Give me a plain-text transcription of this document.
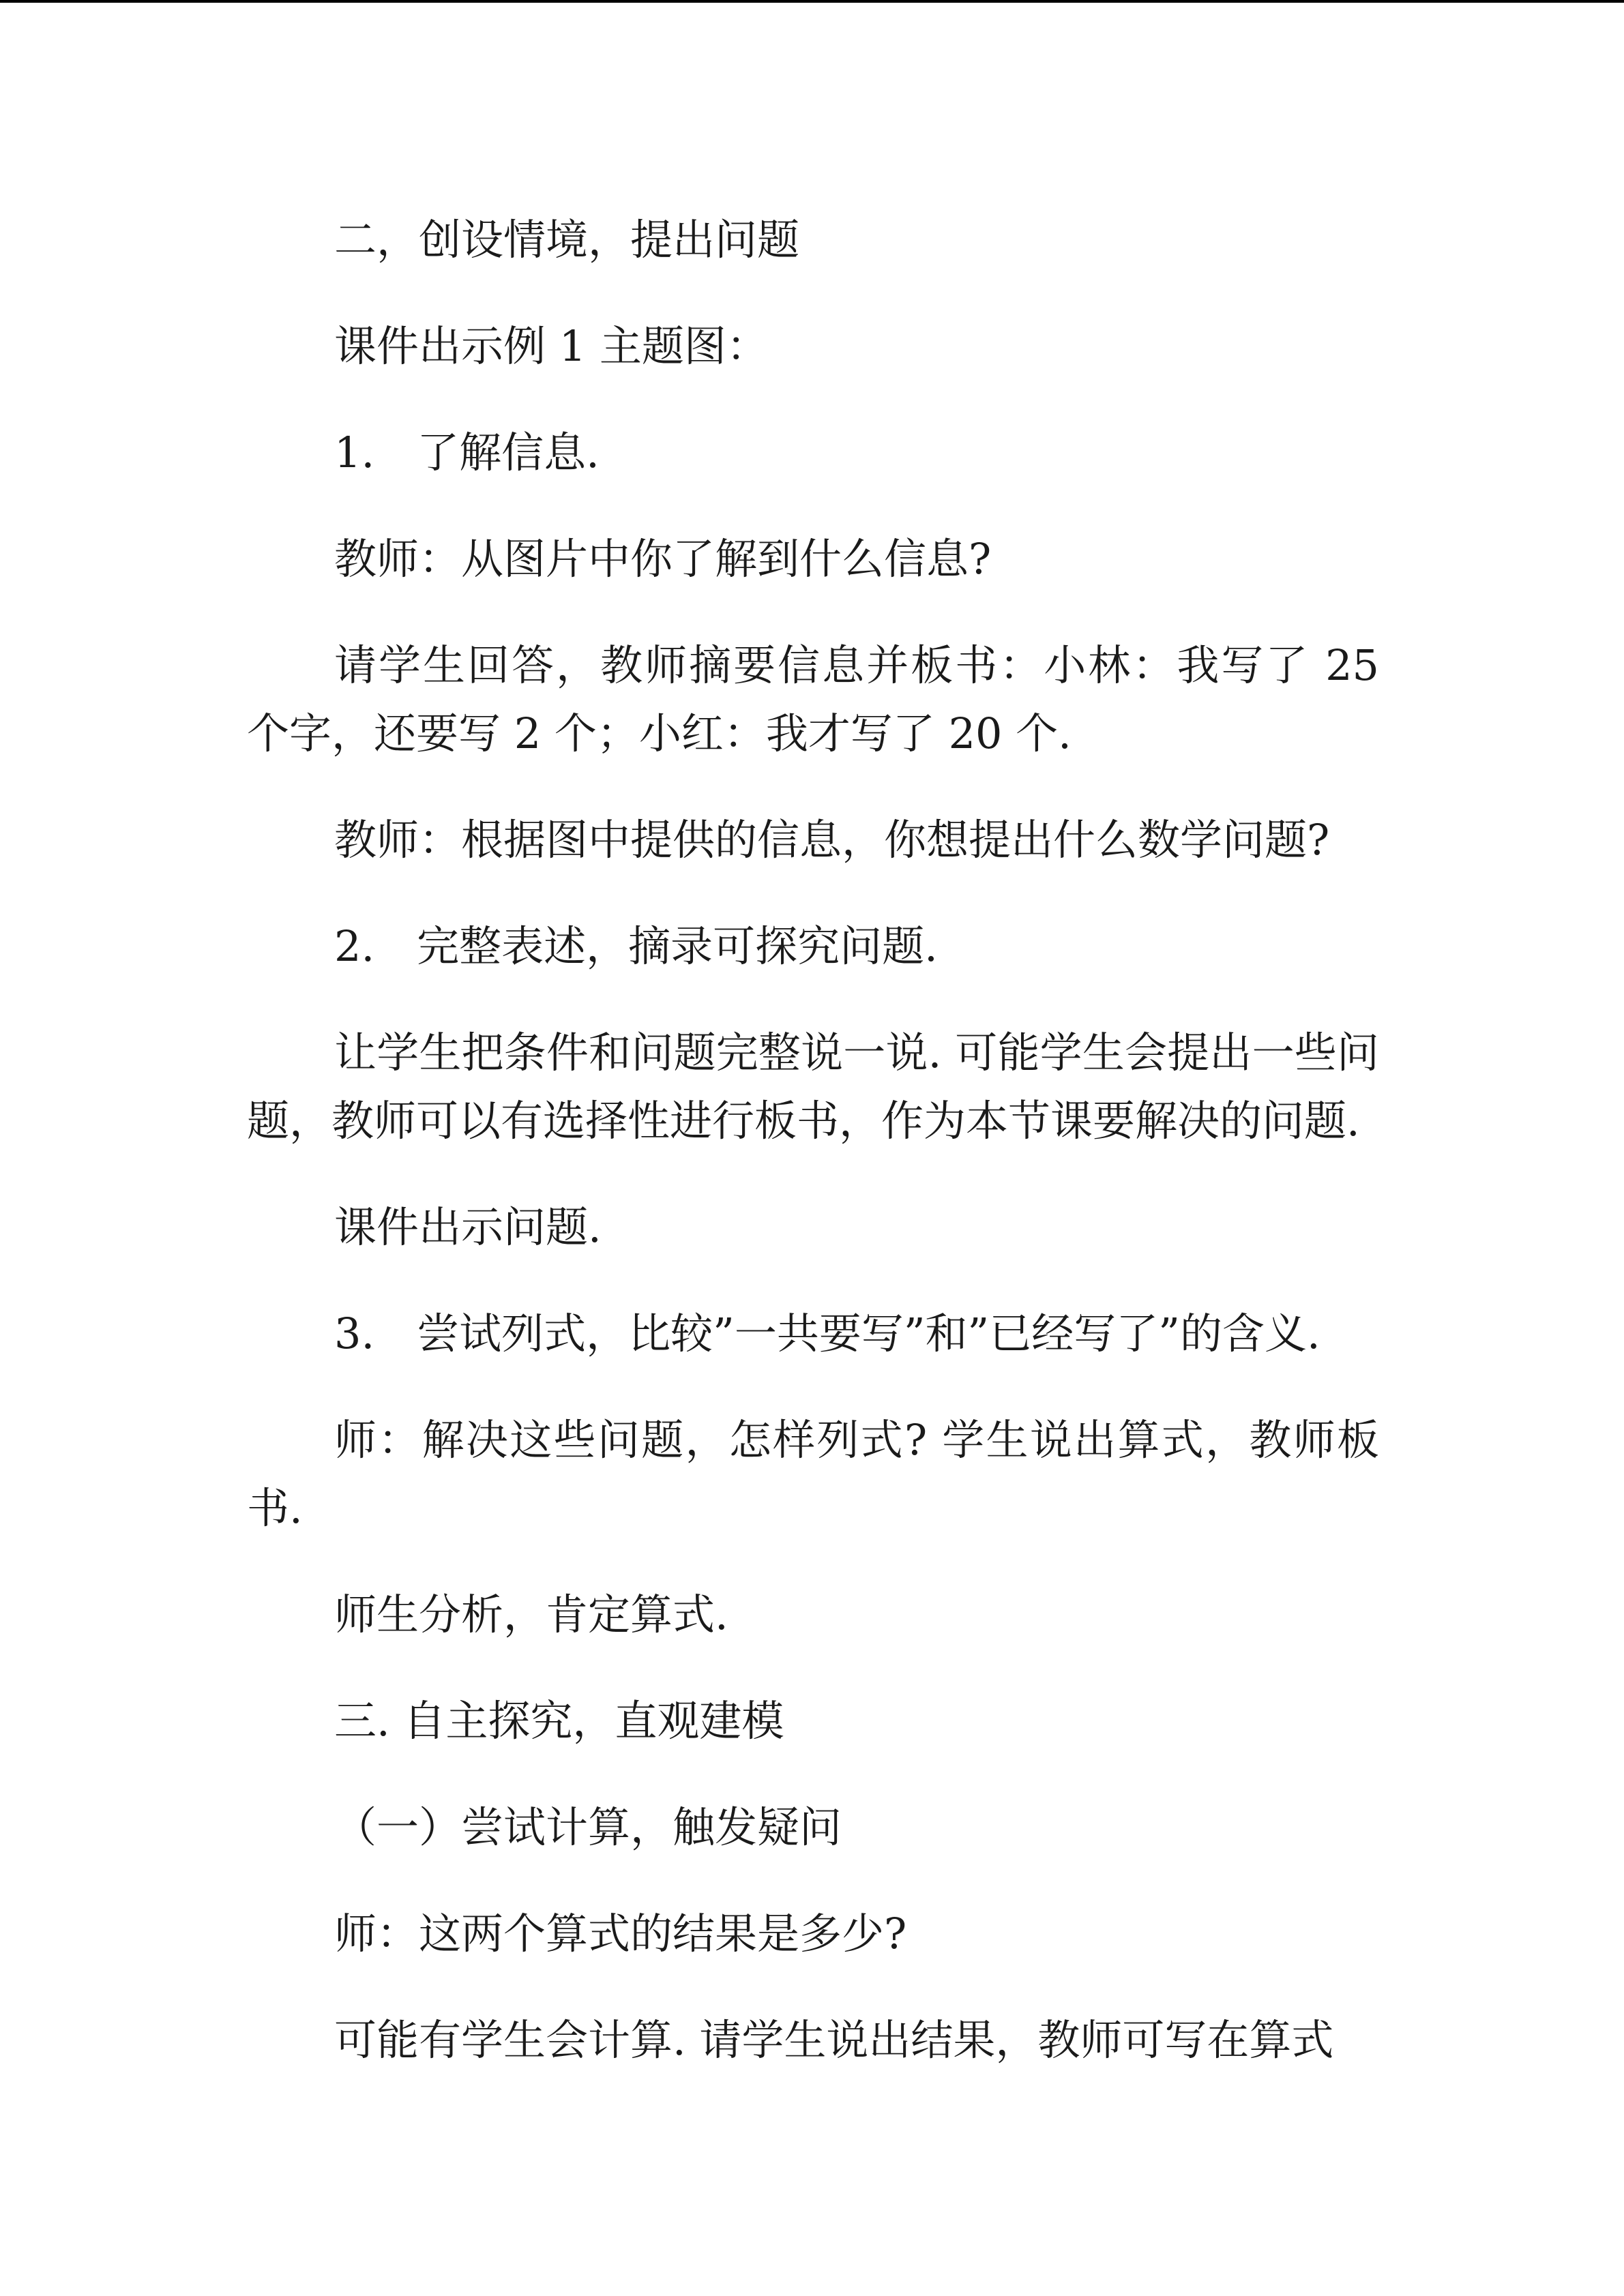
二，创设情境，提出问题

课件出示例 1 主题图：

1.　了解信息.

教师：从图片中你了解到什么信息?

请学生回答，教师摘要信息并板书：小林：我写了 25 个字，还要写 2 个；小红：我才写了 20 个.

教师：根据图中提供的信息，你想提出什么数学问题?

2.　完整表述，摘录可探究问题.

让学生把条件和问题完整说一说. 可能学生会提出一些问题，教师可以有选择性进行板书，作为本节课要解决的问题.

课件出示问题.

3.　尝试列式，比较”一共要写”和”已经写了”的含义.

师：解决这些问题，怎样列式? 学生说出算式，教师板书.

师生分析，肯定算式.

三. 自主探究，直观建模

（一）尝试计算，触发疑问

师：这两个算式的结果是多少?

可能有学生会计算. 请学生说出结果，教师可写在算式
